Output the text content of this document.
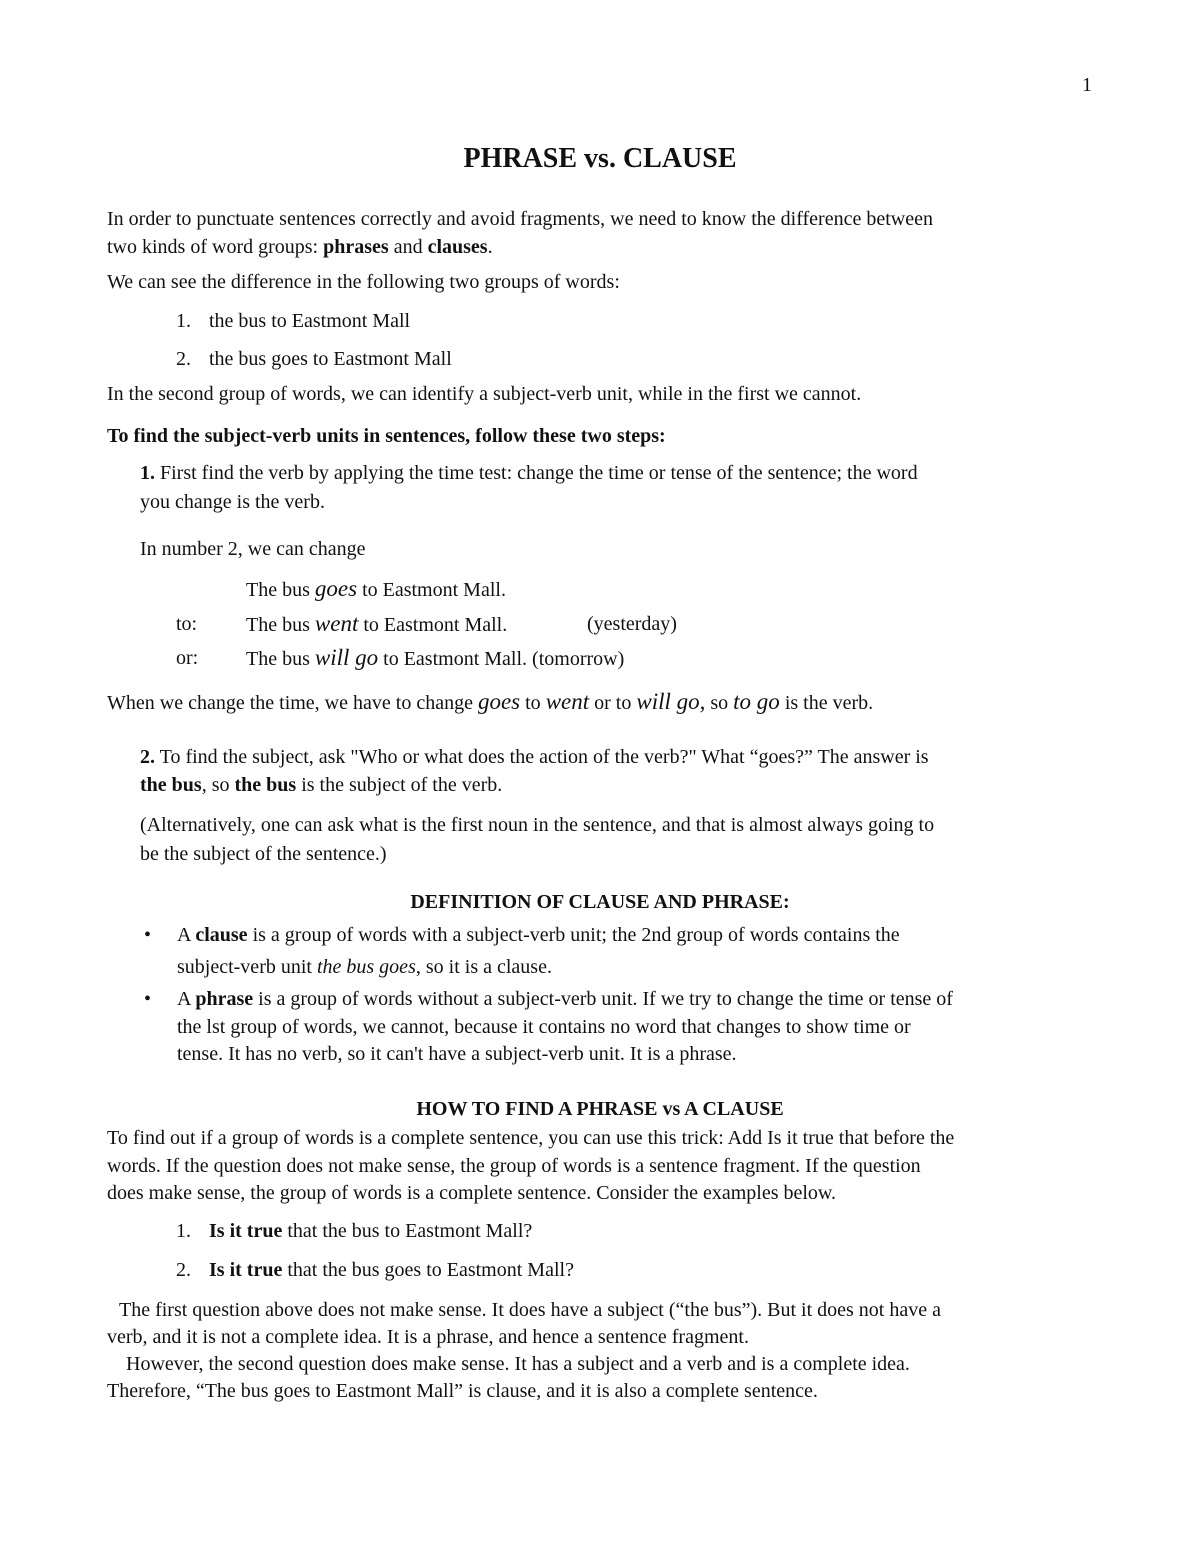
1
PHRASE vs. CLAUSE
In order to punctuate sentences correctly and avoid fragments, we need to know the difference between
two kinds of word groups: phrases and clauses.
We can see the difference in the following two groups of words:
1. the bus to Eastmont Mall
2. the bus goes to Eastmont Mall
In the second group of words, we can identify a subject-verb unit, while in the first we cannot.
To find the subject-verb units in sentences, follow these two steps:
1. First find the verb by applying the time test: change the time or tense of the sentence; the word
you change is the verb.
In number 2, we can change
The bus goes to Eastmont Mall.
to: The bus went to Eastmont Mall.	(yesterday)
or: The bus will go to Eastmont Mall. (tomorrow)
When we change the time, we have to change goes to went or to will go, so to go is the verb.
2. To find the subject, ask "Who or what does the action of the verb?" What “goes?” The answer is
the bus, so the bus is the subject of the verb.
(Alternatively, one can ask what is the first noun in the sentence, and that is almost always going to
be the subject of the sentence.)
DEFINITION OF CLAUSE AND PHRASE:
• A clause is a group of words with a subject-verb unit; the 2nd group of words contains the
subject-verb unit the bus goes, so it is a clause.
• A phrase is a group of words without a subject-verb unit. If we try to change the time or tense of
the lst group of words, we cannot, because it contains no word that changes to show time or
tense. It has no verb, so it can't have a subject-verb unit. It is a phrase.
HOW TO FIND A PHRASE vs A CLAUSE
To find out if a group of words is a complete sentence, you can use this trick: Add Is it true that before the
words. If the question does not make sense, the group of words is a sentence fragment. If the question
does make sense, the group of words is a complete sentence. Consider the examples below.
1. Is it true that the bus to Eastmont Mall?
2. Is it true that the bus goes to Eastmont Mall?
The first question above does not make sense. It does have a subject (“the bus”). But it does not have a
verb, and it is not a complete idea. It is a phrase, and hence a sentence fragment.
However, the second question does make sense. It has a subject and a verb and is a complete idea.
Therefore, “The bus goes to Eastmont Mall” is clause, and it is also a complete sentence.
